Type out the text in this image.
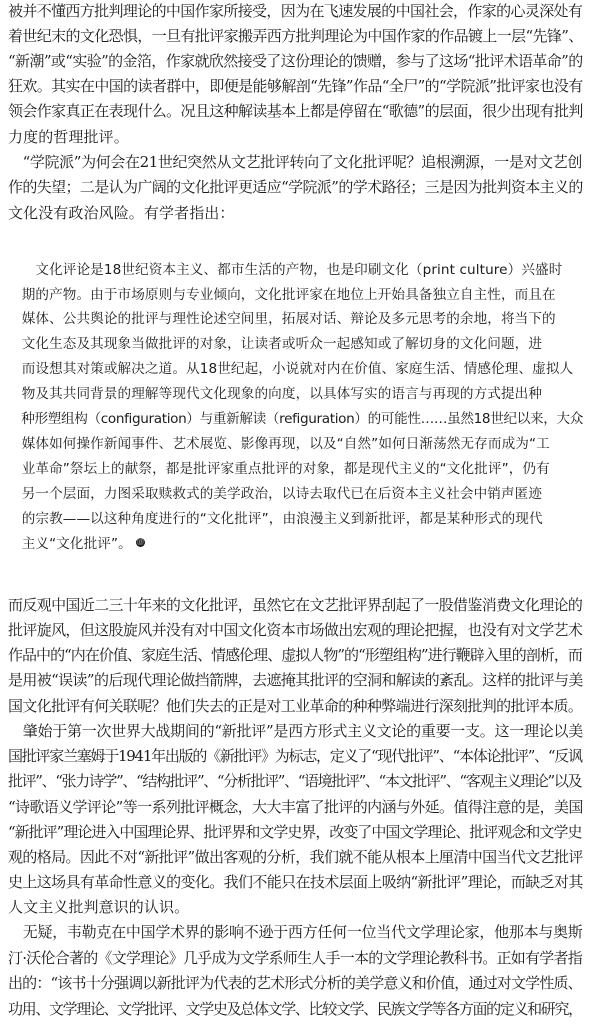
被并不懂西方批判理论的中国作家所接受，因为在飞速发展的中国社会，作家的心灵深处有
着世纪末的文化恐惧，一旦有批评家搬弄西方批判理论为中国作家的作品镀上一层“先锋”、
“新潮”或“实验”的金箔，作家就欣然接受了这份理论的馈赠，参与了这场“批评术语革命”的
狂欢。其实在中国的读者群中，即便是能够解剖“先锋”作品“全尸”的“学院派”批评家也没有
领会作家真正在表现什么。况且这种解读基本上都是停留在“歌德”的层面，很少出现有批判
力度的哲理批评。
　“学院派”为何会在21世纪突然从文艺批评转向了文化批评呢？追根溯源，一是对文艺创
作的失望；二是认为广阔的文化批评更适应“学院派”的学术路径；三是因为批判资本主义的
文化没有政治风险。有学者指出：
　　文化评论是18世纪资本主义、都市生活的产物，也是印刷文化（print culture）兴盛时
　期的产物。由于市场原则与专业倾向，文化批评家在地位上开始具备独立自主性，而且在
　媒体、公共舆论的批评与理性论述空间里，拓展对话、辩论及多元思考的余地，将当下的
　文化生态及其现象当做批评的对象，让读者或听众一起感知或了解切身的文化问题，进
　而设想其对策或解决之道。从18世纪起，小说就对内在价值、家庭生活、情感伦理、虚拟人
　物及其共同背景的理解等现代文化现象的向度，以具体写实的语言与再现的方式提出种
　种形塑组构（configuration）与重新解读（refiguration）的可能性……虽然18世纪以来，大众
　媒体如何操作新闻事件、艺术展览、影像再现，以及“自然”如何日渐荡然无存而成为“工
　业革命”祭坛上的献祭，都是批评家重点批评的对象，都是现代主义的“文化批评”，仍有
　另一个层面，力图采取赎救式的美学政治，以诗去取代已在后资本主义社会中销声匿迹
　的宗教——以这种角度进行的“文化批评”，由浪漫主义到新批评，都是某种形式的现代
　主义“文化批评”。 ⑬
而反观中国近二三十年来的文化批评，虽然它在文艺批评界刮起了一股借鉴消费文化理论的
批评旋风，但这股旋风并没有对中国文化资本市场做出宏观的理论把握，也没有对文学艺术
作品中的“内在价值、家庭生活、情感伦理、虚拟人物”的“形塑组构”进行鞭辟入里的剖析，而
是用被“误读”的后现代理论做挡箭牌，去遮掩其批评的空洞和解读的紊乱。这样的批评与美
国文化批评有何关联呢？他们失去的正是对工业革命的种种弊端进行深刻批判的批评本质。
　肇始于第一次世界大战期间的“新批评”是西方形式主义文论的重要一支。这一理论以美
国批评家兰塞姆于1941年出版的《新批评》为标志，定义了“现代批评”、“本体论批评”、“反讽
批评”、“张力诗学”、“结构批评”、“分析批评”、“语境批评”、“本文批评”、“客观主义理论”以及
“诗歌语义学评论”等一系列批评概念，大大丰富了批评的内涵与外延。值得注意的是，美国
“新批评”理论进入中国理论界、批评界和文学史界，改变了中国文学理论、批评观念和文学史
观的格局。因此不对“新批评”做出客观的分析，我们就不能从根本上厘清中国当代文艺批评
史上这场具有革命性意义的变化。我们不能只在技术层面上吸纳“新批评”理论，而缺乏对其
人文主义批判意识的认识。
　无疑，韦勒克在中国学术界的影响不逊于西方任何一位当代文学理论家，他那本与奥斯
汀·沃伦合著的《文学理论》几乎成为文学系师生人手一本的文学理论教科书。正如有学者指
出的：“该书十分强调以新批评为代表的艺术形式分析的美学意义和价值，通过对文学性质、
功用、文学理论、文学批评、文学史及总体文学、比较文学、民族文学等各方面的定义和研究，
